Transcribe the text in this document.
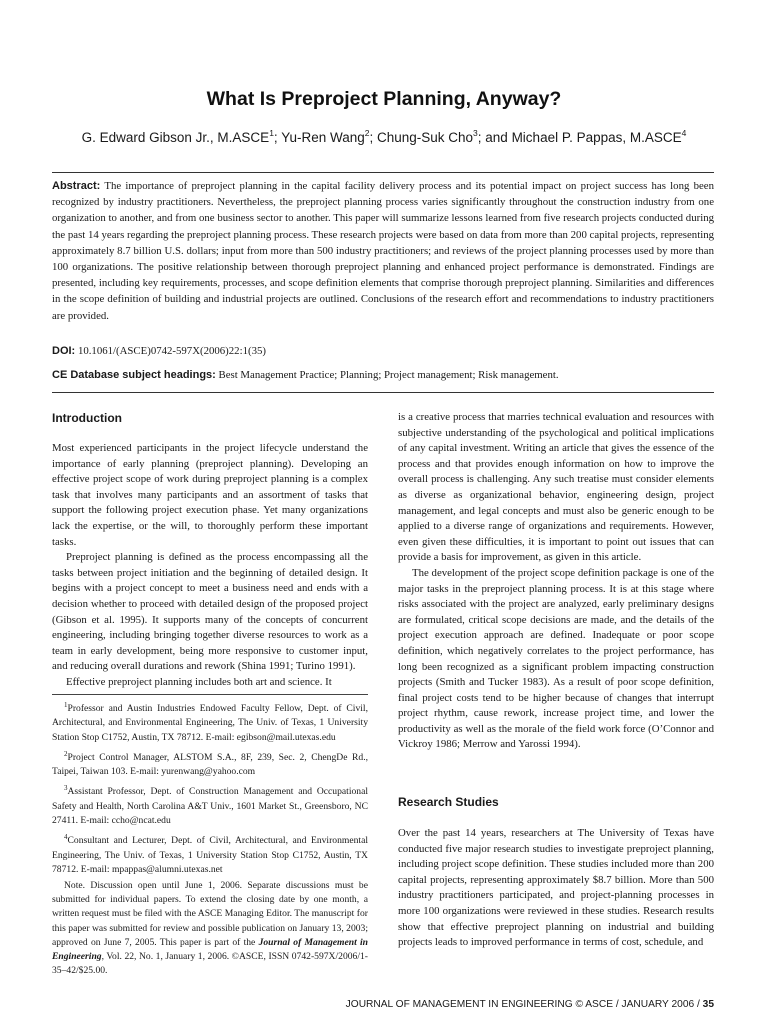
What Is Preproject Planning, Anyway?

G. Edward Gibson Jr., M.ASCE$^1$; Yu-Ren Wang$^2$; Chung-Suk Cho$^3$; and Michael P. Pappas, M.ASCE$^4$

Abstract: The importance of preproject planning in the capital facility delivery process and its potential impact on project success has long been recognized by industry practitioners. Nevertheless, the preproject planning process varies significantly throughout the construction industry from one organization to another, and from one business sector to another. This paper will summarize lessons learned from five research projects conducted during the past 14 years regarding the preproject planning process. These research projects were based on data from more than 200 capital projects, representing approximately 8.7 billion U.S. dollars; input from more than 500 industry practitioners; and reviews of the project planning processes used by more than 100 organizations. The positive relationship between thorough preproject planning and enhanced project performance is demonstrated. Findings are presented, including key requirements, processes, and scope definition elements that comprise thorough preproject planning. Similarities and differences in the scope definition of building and industrial projects are outlined. Conclusions of the research effort and recommendations to industry practitioners are provided.

DOI: 10.1061/(ASCE)0742-597X(2006)22:1(35)

CE Database subject headings: Best Management Practice; Planning; Project management; Risk management.

Introduction

Most experienced participants in the project lifecycle understand the importance of early planning (preproject planning). Developing an effective project scope of work during preproject planning is a complex task that involves many participants and an assortment of tasks that support the following project execution phase. Yet many organizations lack the expertise, or the will, to thoroughly perform these important tasks.

Preproject planning is defined as the process encompassing all the tasks between project initiation and the beginning of detailed design. It begins with a project concept to meet a business need and ends with a decision whether to proceed with detailed design of the proposed project (Gibson et al. 1995). It supports many of the concepts of concurrent engineering, including bringing together diverse resources to work as a team in early development, being more responsive to customer input, and reducing overall durations and rework (Shina 1991; Turino 1991).

Effective preproject planning includes both art and science. It

$^1$Professor and Austin Industries Endowed Faculty Fellow, Dept. of Civil, Architectural, and Environmental Engineering, The Univ. of Texas, 1 University Station Stop C1752, Austin, TX 78712. E-mail: egibson@mail.utexas.edu

$^2$Project Control Manager, ALSTOM S.A., 8F, 239, Sec. 2, ChengDe Rd., Taipei, Taiwan 103. E-mail: yurenwang@yahoo.com

$^3$Assistant Professor, Dept. of Construction Management and Occupational Safety and Health, North Carolina A&T Univ., 1601 Market St., Greensboro, NC 27411. E-mail: ccho@ncat.edu

$^4$Consultant and Lecturer, Dept. of Civil, Architectural, and Environmental Engineering, The Univ. of Texas, 1 University Station Stop C1752, Austin, TX 78712. E-mail: mpappas@alumni.utexas.net

Note. Discussion open until June 1, 2006. Separate discussions must be submitted for individual papers. To extend the closing date by one month, a written request must be filed with the ASCE Managing Editor. The manuscript for this paper was submitted for review and possible publication on January 13, 2003; approved on June 7, 2005. This paper is part of the Journal of Management in Engineering, Vol. 22, No. 1, January 1, 2006. ©ASCE, ISSN 0742-597X/2006/1-35–42/$25.00.

is a creative process that marries technical evaluation and resources with subjective understanding of the psychological and political implications of any capital investment. Writing an article that gives the essence of the process and that provides enough information on how to improve the overall process is challenging. Any such treatise must consider elements as diverse as organizational behavior, engineering design, project management, and legal concepts and must also be generic enough to be applied to a diverse range of organizations and requirements. However, even given these difficulties, it is important to point out issues that can provide a basis for improvement, as given in this article.

The development of the project scope definition package is one of the major tasks in the preproject planning process. It is at this stage where risks associated with the project are analyzed, early preliminary designs are formulated, critical scope decisions are made, and the details of the project execution approach are defined. Inadequate or poor scope definition, which negatively correlates to the project performance, has long been recognized as a significant problem impacting construction projects (Smith and Tucker 1983). As a result of poor scope definition, final project costs tend to be higher because of changes that interrupt project rhythm, cause rework, increase project time, and lower the productivity as well as the morale of the field work force (O’Connor and Vickroy 1986; Merrow and Yarossi 1994).

Research Studies

Over the past 14 years, researchers at The University of Texas have conducted five major research studies to investigate preproject planning, including project scope definition. These studies included more than 200 capital projects, representing approximately $8.7 billion. More than 500 industry practitioners participated, and project-planning processes in more 100 organizations were reviewed in these studies. Research results show that effective preproject planning on industrial and building projects leads to improved performance in terms of cost, schedule, and

JOURNAL OF MANAGEMENT IN ENGINEERING © ASCE / JANUARY 2006 / 35
